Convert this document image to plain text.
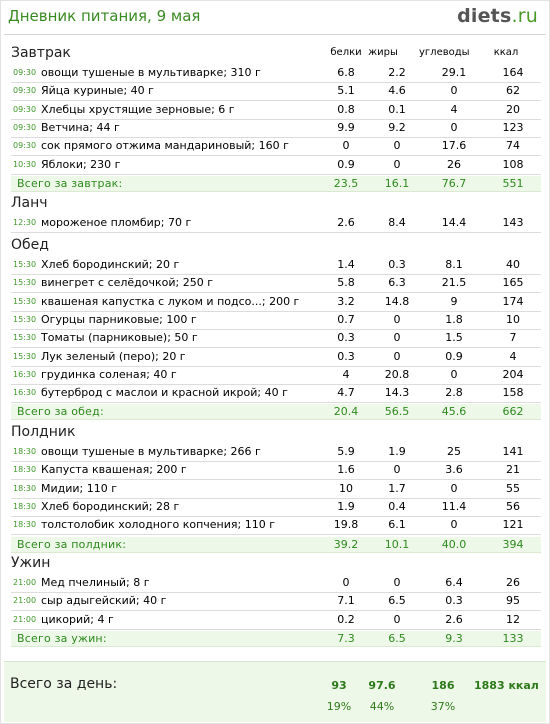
Дневник питания, 9 мая	diets.ru
белки жиры	углеводы	ккал
Завтрак
09:30 овощи тушеные в мультиварке; 310 г	6.8	2.2	29.1	164
09:30 Яйца куриные; 40 г	5.1	4.6	0	62
09:30 Хлебцы хрустящие зерновые; 6 г	0.8	0.1	4	20
09:30 Ветчина; 44 г	9.9	9.2	0	123
09:30 сок прямого отжима мандариновый; 160 г	0	0	17.6	74
10:30 Яблоки; 230 г	0.9	0	26	108
Всего за завтрак:	23.5	16.1	76.7	551
Ланч
12:30 мороженое пломбир; 70 г	2.6	8.4	14.4	143
Обед
15:30 Хлеб бородинский; 20 г	1.4	0.3	8.1	40
15:30 винегрет с селёдочкой; 250 г	5.8	6.3	21.5	165
15:30 квашеная капустка с луком и подсо...; 200 г	3.2	14.8	9	174
15:30 Огурцы парниковые; 100 г	0.7	0	1.8	10
15:30 Томаты (парниковые); 50 г	0.3	0	1.5	7
15:30 Лук зеленый (перо); 20 г	0.3	0	0.9	4
16:30 грудинка соленая; 40 г	4	20.8	0	204
16:30 бутерброд с маслои и красной икрой; 40 г	4.7	14.3	2.8	158
Всего за обед:	20.4	56.5	45.6	662
Полдник
18:30 овощи тушеные в мультиварке; 266 г	5.9	1.9	25	141
18:30 Капуста квашеная; 200 г	1.6	0	3.6	21
18:30 Мидии; 110 г	10	1.7	0	55
18:30 Хлеб бородинский; 28 г	1.9	0.4	11.4	56
18:30 толстолобик холодного копчения; 110 г	19.8	6.1	0	121
Всего за полдник:	39.2	10.1	40.0	394
Ужин
21:00 Мед пчелиный; 8 г	0	0	6.4	26
21:00 сыр адыгейский; 40 г	7.1	6.5	0.3	95
21:00 цикорий; 4 г	0.2	0	2.6	12
Всего за ужин:	7.3	6.5	9.3	133
Всего за день:	93	97.6	186	1883 ккал
19%	44%	37%
